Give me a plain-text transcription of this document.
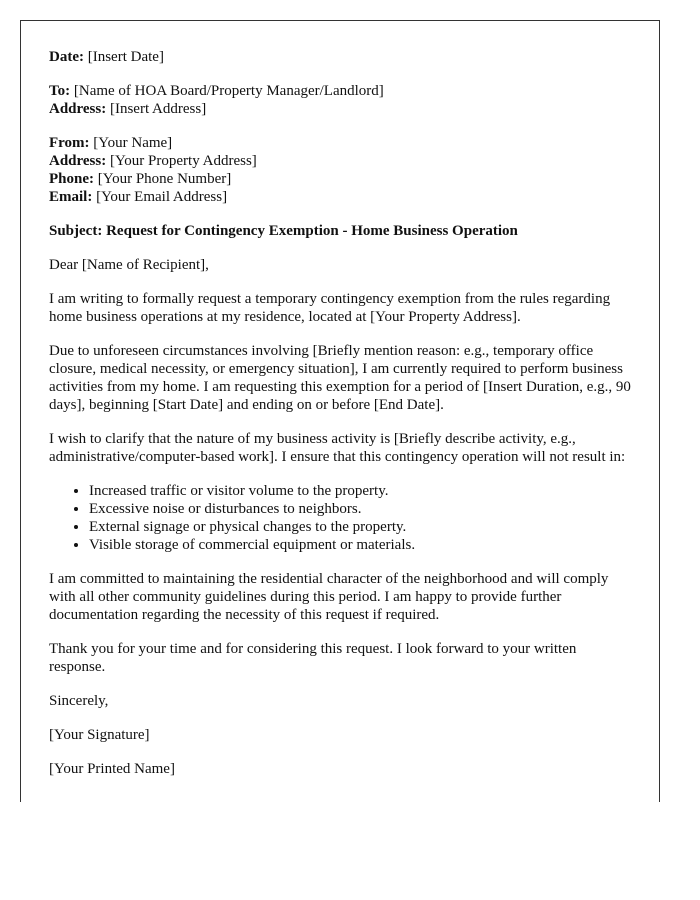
Date: [Insert Date]

To: [Name of HOA Board/Property Manager/Landlord]
Address: [Insert Address]

From: [Your Name]
Address: [Your Property Address]
Phone: [Your Phone Number]
Email: [Your Email Address]

Subject: Request for Contingency Exemption - Home Business Operation

Dear [Name of Recipient],

I am writing to formally request a temporary contingency exemption from the rules regarding home business operations at my residence, located at [Your Property Address].

Due to unforeseen circumstances involving [Briefly mention reason: e.g., temporary office closure, medical necessity, or emergency situation], I am currently required to perform business activities from my home. I am requesting this exemption for a period of [Insert Duration, e.g., 90 days], beginning [Start Date] and ending on or before [End Date].

I wish to clarify that the nature of my business activity is [Briefly describe activity, e.g., administrative/computer-based work]. I ensure that this contingency operation will not result in:

• Increased traffic or visitor volume to the property.
• Excessive noise or disturbances to neighbors.
• External signage or physical changes to the property.
• Visible storage of commercial equipment or materials.

I am committed to maintaining the residential character of the neighborhood and will comply with all other community guidelines during this period. I am happy to provide further documentation regarding the necessity of this request if required.

Thank you for your time and for considering this request. I look forward to your written response.

Sincerely,

[Your Signature]

[Your Printed Name]
